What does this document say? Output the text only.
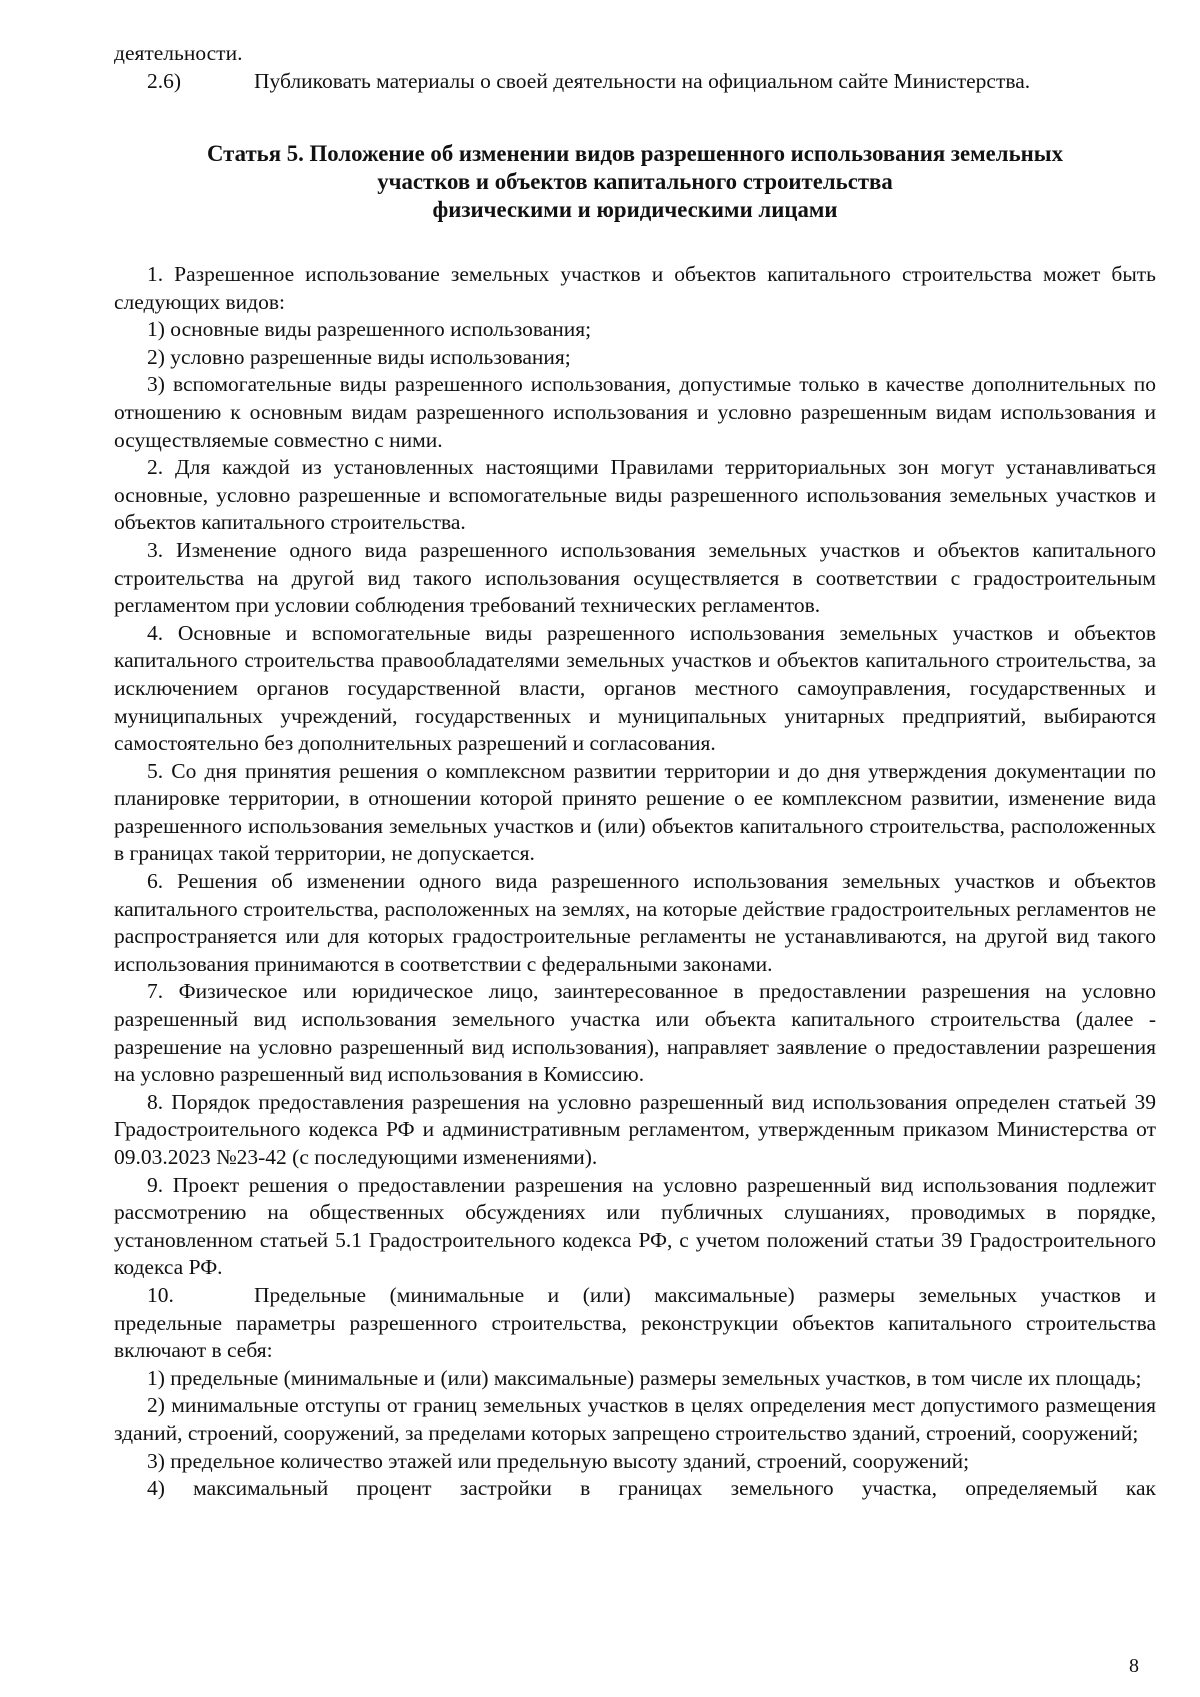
деятельности.
2.6)	Публиковать материалы о своей деятельности на официальном сайте Министерства.
Статья 5. Положение об изменении видов разрешенного использования земельных
участков и объектов капитального строительства
физическими и юридическими лицами

1. Разрешенное использование земельных участков и объектов капитального строительства может быть следующих видов:

1) основные виды разрешенного использования;

2) условно разрешенные виды использования;

3) вспомогательные виды разрешенного использования, допустимые только в качестве дополнительных по отношению к основным видам разрешенного использования и условно разрешенным видам использования и осуществляемые совместно с ними.

2. Для каждой из установленных настоящими Правилами территориальных зон могут устанавливаться основные, условно разрешенные и вспомогательные виды разрешенного использования земельных участков и объектов капитального строительства.

3. Изменение одного вида разрешенного использования земельных участков и объектов капитального строительства на другой вид такого использования осуществляется в соответствии с градостроительным регламентом при условии соблюдения требований технических регламентов.

4. Основные и вспомогательные виды разрешенного использования земельных участков и объектов капитального строительства правообладателями земельных участков и объектов капитального строительства, за исключением органов государственной власти, органов местного самоуправления, государственных и муниципальных учреждений, государственных и муниципальных унитарных предприятий, выбираются самостоятельно без дополнительных разрешений и согласования.

5. Со дня принятия решения о комплексном развитии территории и до дня утверждения документации по планировке территории, в отношении которой принято решение о ее комплексном развитии, изменение вида разрешенного использования земельных участков и (или) объектов капитального строительства, расположенных в границах такой территории, не допускается.

6. Решения об изменении одного вида разрешенного использования земельных участков и объектов капитального строительства, расположенных на землях, на которые действие градостроительных регламентов не распространяется или для которых градостроительные регламенты не устанавливаются, на другой вид такого использования принимаются в соответствии с федеральными законами.

7. Физическое или юридическое лицо, заинтересованное в предоставлении разрешения на условно разрешенный вид использования земельного участка или объекта капитального строительства (далее - разрешение на условно разрешенный вид использования), направляет заявление о предоставлении разрешения на условно разрешенный вид использования в Комиссию.

8. Порядок предоставления разрешения на условно разрешенный вид использования определен статьей 39 Градостроительного кодекса РФ и административным регламентом, утвержденным приказом Министерства от 09.03.2023 №23-42 (с последующими изменениями).

9. Проект решения о предоставлении разрешения на условно разрешенный вид использования подлежит рассмотрению на общественных обсуждениях или публичных слушаниях, проводимых в порядке, установленном статьей 5.1 Градостроительного кодекса РФ, с учетом положений статьи 39 Градостроительного кодекса РФ.

10.	Предельные (минимальные и (или) максимальные) размеры земельных участков и

предельные параметры разрешенного строительства, реконструкции объектов капитального строительства включают в себя:

1) предельные (минимальные и (или) максимальные) размеры земельных участков, в том числе их площадь;

2) минимальные отступы от границ земельных участков в целях определения мест допустимого размещения зданий, строений, сооружений, за пределами которых запрещено строительство зданий, строений, сооружений;

3) предельное количество этажей или предельную высоту зданий, строений, сооружений;

4) максимальный процент застройки в границах земельного участка, определяемый как

8
